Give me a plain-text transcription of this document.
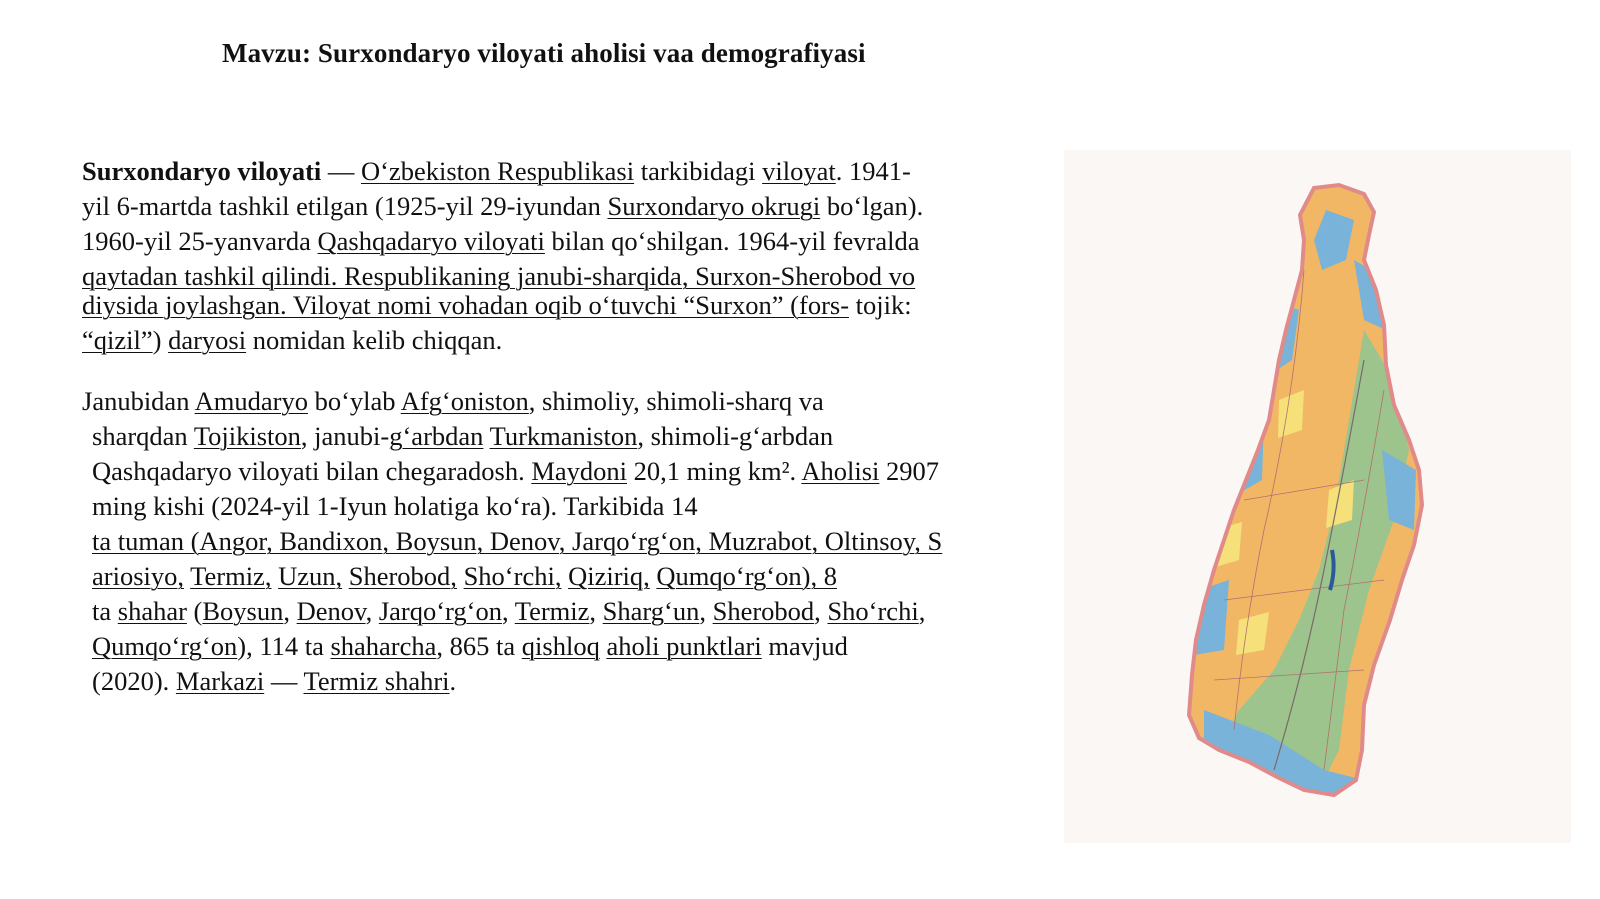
Mavzu: Surxondaryo viloyati aholisi vaa demografiyasi
Surxondaryo viloyati — O‘zbekiston Respublikasi tarkibidagi viloyat. 1941-
yil 6-martda tashkil etilgan (1925-yil 29-iyundan Surxondaryo okrugi bo‘lgan).
1960-yil 25-yanvarda Qashqadaryo viloyati bilan qo‘shilgan. 1964-yil fevralda
qaytadan tashkil qilindi. Respublikaning janubi-sharqida, Surxon-Sherobod vo
diysida joylashgan. Viloyat nomi vohadan oqib o‘tuvchi “Surxon” (fors- tojik:
“qizil”) daryosi nomidan kelib chiqqan.
Janubidan Amudaryo bo‘ylab Afg‘oniston, shimoliy, shimoli-sharq va
sharqdan Tojikiston, janubi-g‘arbdan Turkmaniston, shimoli-g‘arbdan
Qashqadaryo viloyati bilan chegaradosh. Maydoni 20,1 ming km². Aholisi 2907
ming kishi (2024-yil 1-Iyun holatiga ko‘ra). Tarkibida 14
ta tuman (Angor, Bandixon, Boysun, Denov, Jarqo‘rg‘on, Muzrabot, Oltinsoy, S
ariosiyo, Termiz, Uzun, Sherobod, Sho‘rchi, Qiziriq, Qumqo‘rg‘on), 8
ta shahar (Boysun, Denov, Jarqo‘rg‘on, Termiz, Sharg‘un, Sherobod, Sho‘rchi,
Qumqo‘rg‘on), 114 ta shaharcha, 865 ta qishloq aholi punktlari mavjud
(2020). Markazi — Termiz shahri.
